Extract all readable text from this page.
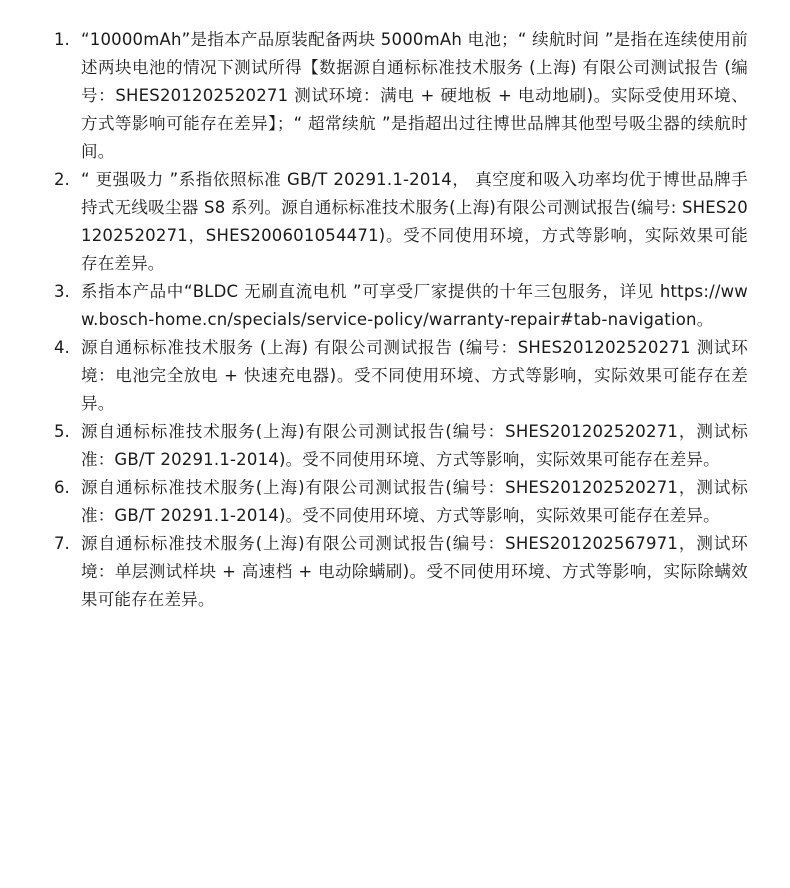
1. “10000mAh”是指本产品原装配备两块 5000mAh 电池；“ 续航时间 ”是指在连续使用前述两块电池的情况下测试所得【数据源自通标标准技术服务 (上海) 有限公司测试报告 (编号：SHES201202520271 测试环境：满电 + 硬地板 + 电动地刷)。实际受使用环境、方式等影响可能存在差异】；“ 超常续航 ”是指超出过往博世品牌其他型号吸尘器的续航时间。
2. “ 更强吸力 ”系指依照标准 GB/T 20291.1-2014， 真空度和吸入功率均优于博世品牌手持式无线吸尘器 S8 系列。源自通标标准技术服务(上海)有限公司测试报告(编号: SHES201202520271，SHES200601054471)。受不同使用环境，方式等影响，实际效果可能存在差异。
3. 系指本产品中“BLDC 无刷直流电机 ”可享受厂家提供的十年三包服务，详见 https://www.bosch-home.cn/specials/service-policy/warranty-repair#tab-navigation。
4. 源自通标标准技术服务 (上海) 有限公司测试报告 (编号：SHES201202520271 测试环境：电池完全放电 + 快速充电器)。受不同使用环境、方式等影响，实际效果可能存在差异。
5. 源自通标标准技术服务(上海)有限公司测试报告(编号：SHES201202520271，测试标准：GB/T 20291.1-2014)。受不同使用环境、方式等影响，实际效果可能存在差异。
6. 源自通标标准技术服务(上海)有限公司测试报告(编号：SHES201202520271，测试标准：GB/T 20291.1-2014)。受不同使用环境、方式等影响，实际效果可能存在差异。
7. 源自通标标准技术服务(上海)有限公司测试报告(编号：SHES201202567971，测试环境：单层测试样块 + 高速档 + 电动除螨刷)。受不同使用环境、方式等影响，实际除螨效果可能存在差异。
